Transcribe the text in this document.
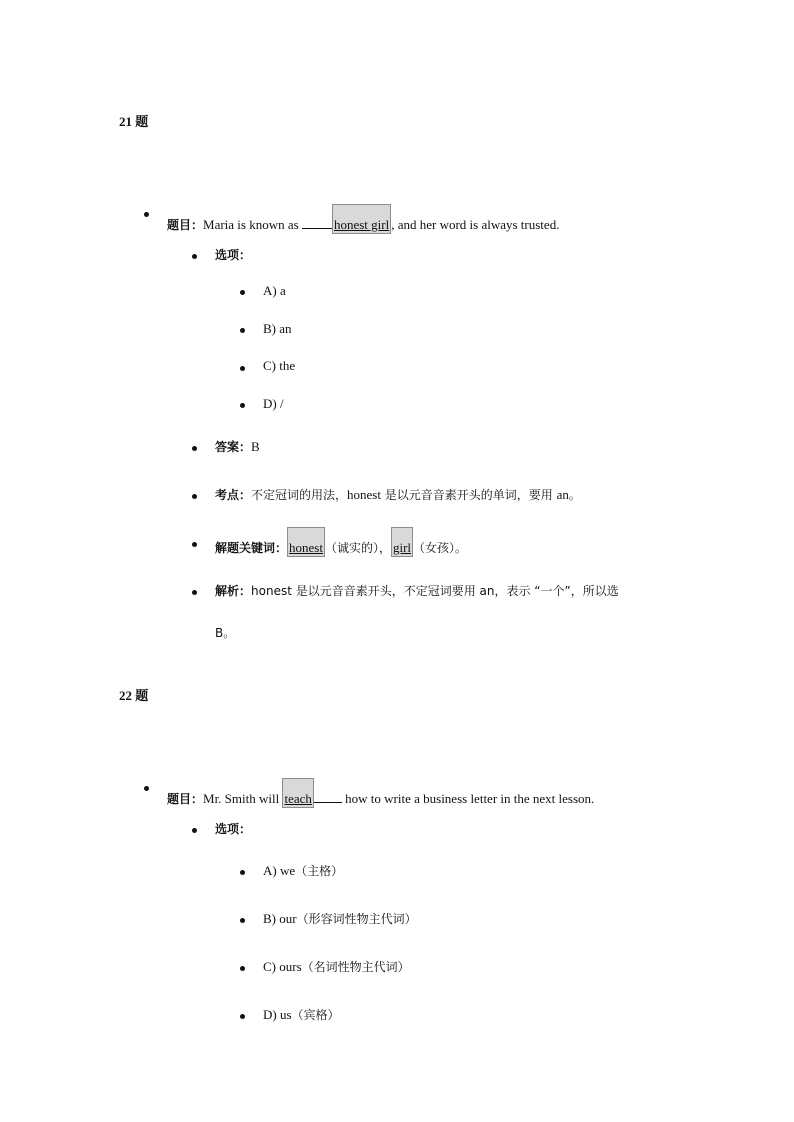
21 题
题目：Maria is known as honest girl , and her word is always trusted.
选项：
A) a
B) an
C) the
D) /
答案：B
考点：不定冠词的用法，honest 是以元音音素开头的单词，要用 an。
解题关键词： honest （诚实的）， girl （女孩）。
解析：honest 是以元音音素开头，不定冠词要用 an，表示 “一个”，所以选
B。
22 题
题目：Mr. Smith will teach how to write a business letter in the next lesson.
选项：
A) we（主格）
B) our（形容词性物主代词）
C) ours（名词性物主代词）
D) us（宾格）
